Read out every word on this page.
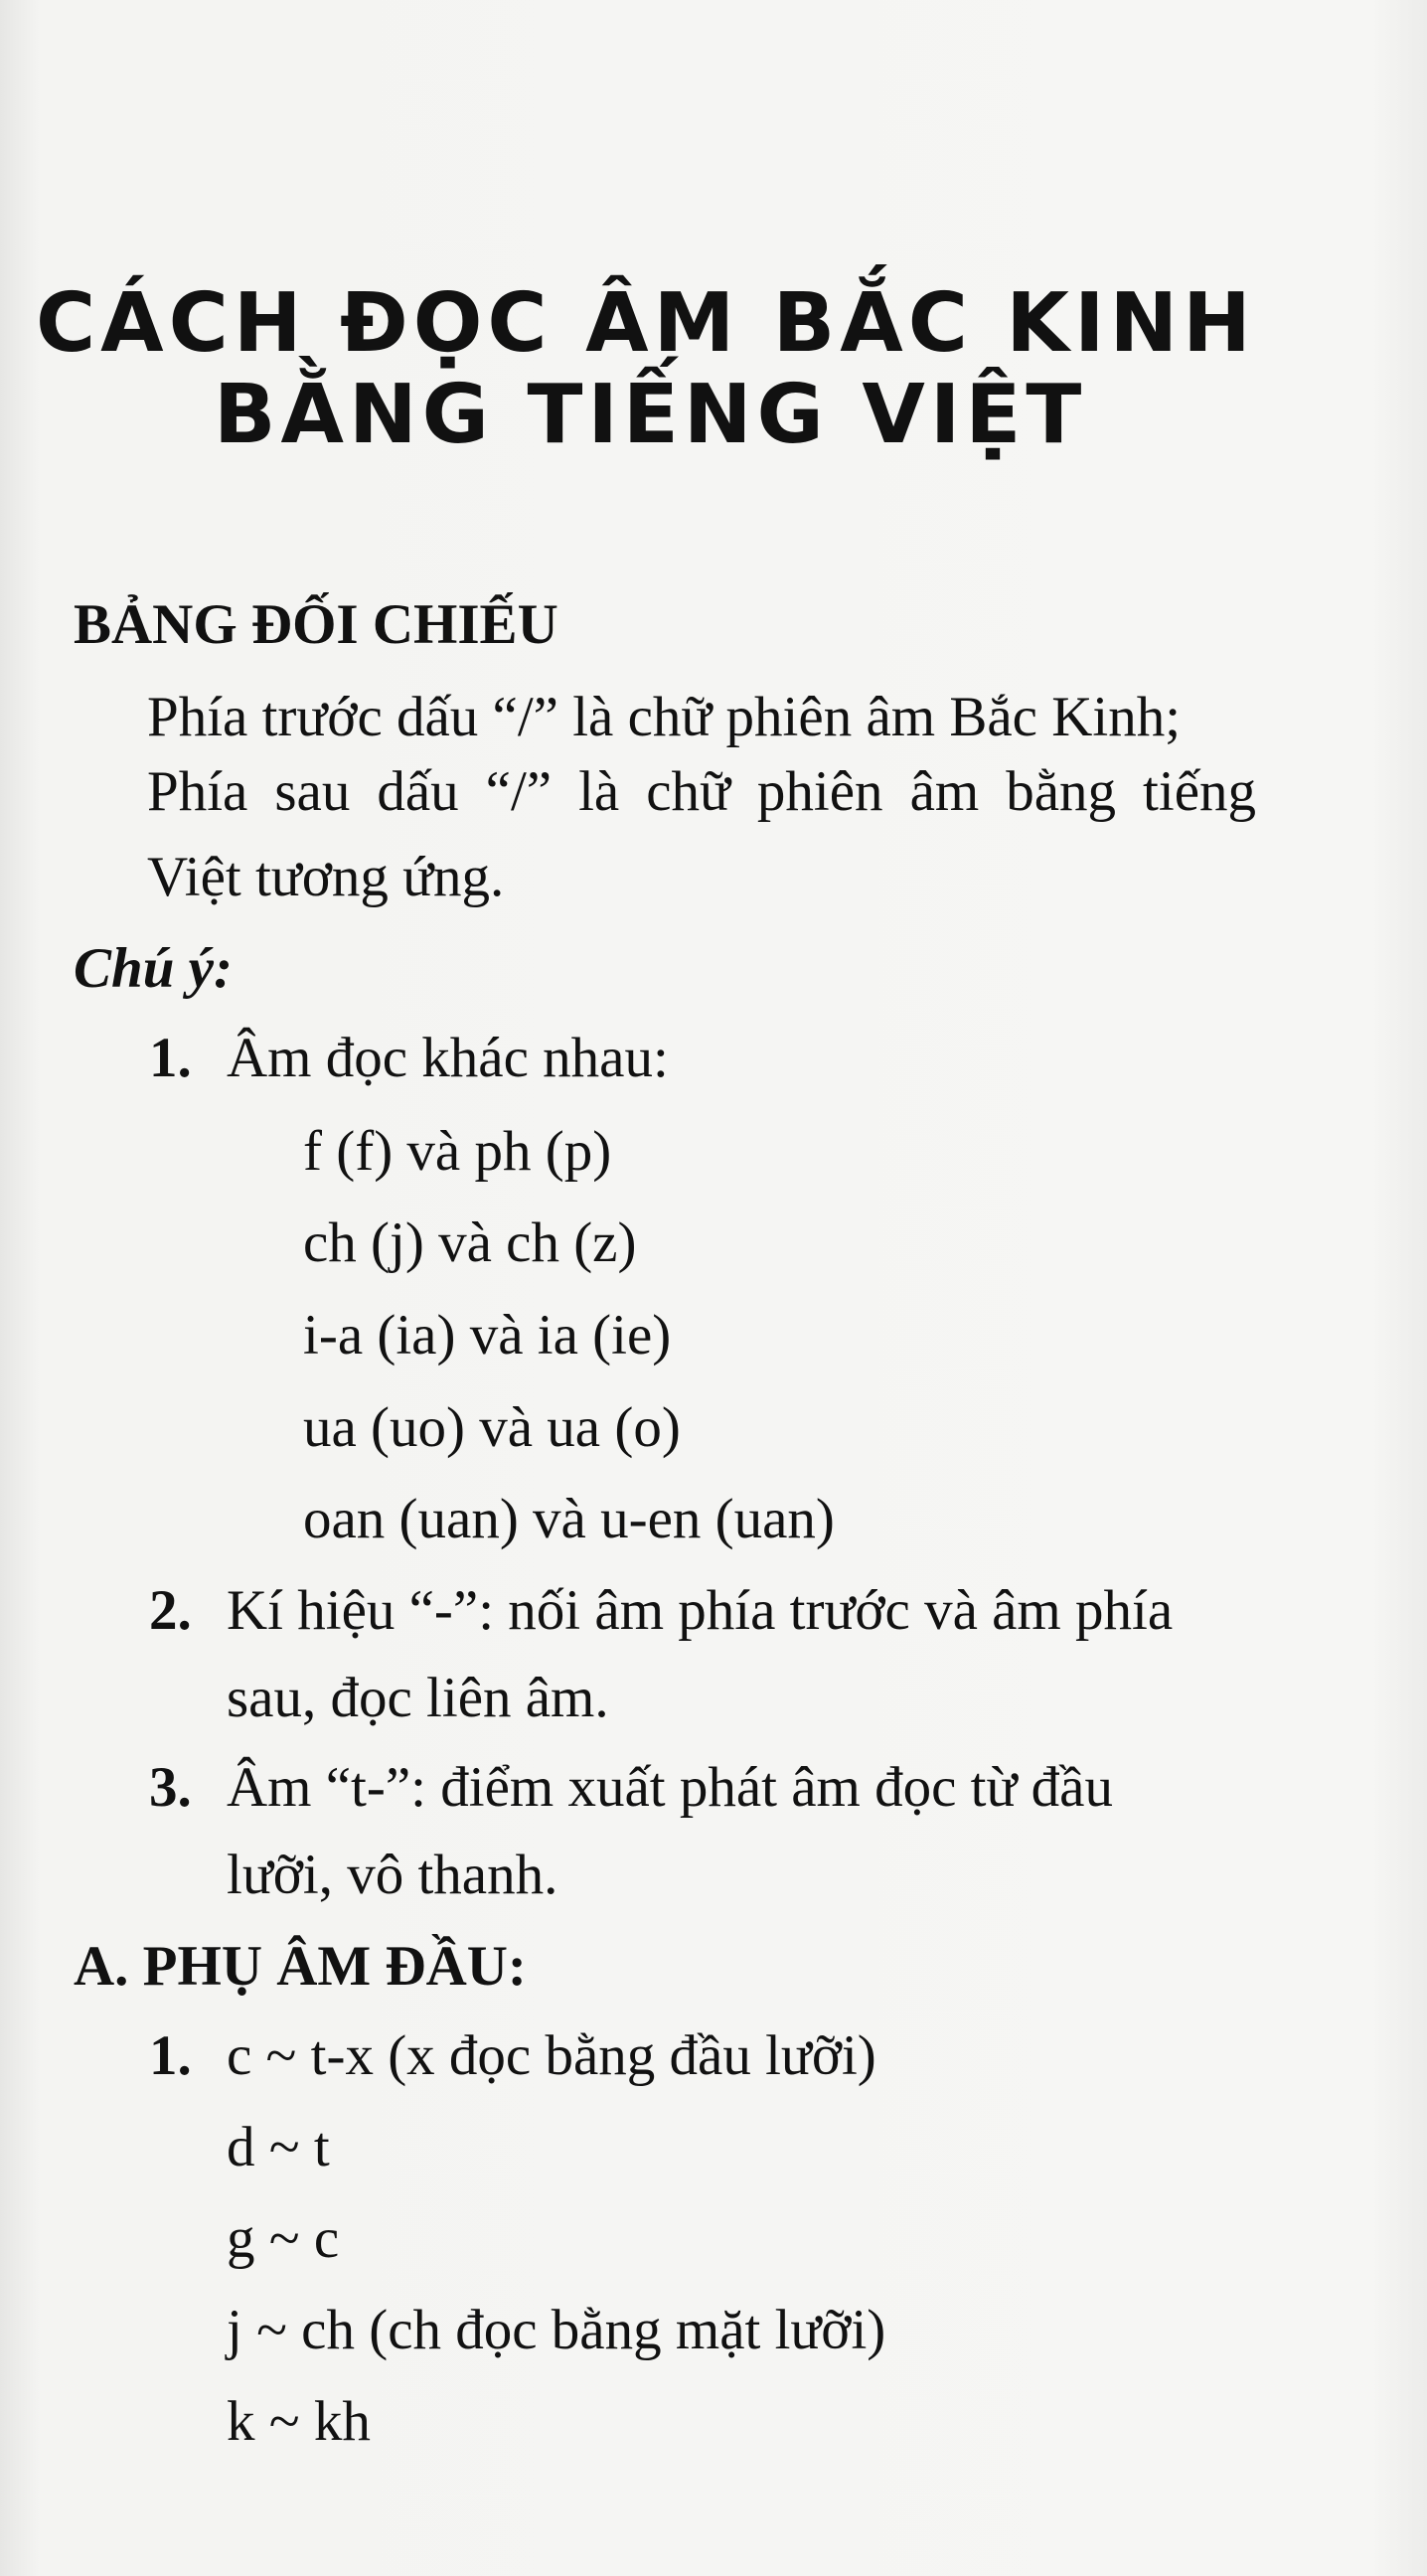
CÁCH ĐỌC ÂM BẮC KINH
BẰNG TIẾNG VIỆT
BẢNG ĐỐI CHIẾU
Phía trước dấu “/” là chữ phiên âm Bắc Kinh;
Phía sau dấu “/” là chữ phiên âm bằng tiếng
Việt tương ứng.
Chú ý:
1. Âm đọc khác nhau:
f (f) và ph (p)
ch (j) và ch (z)
i-a (ia) và ia (ie)
ua (uo) và ua (o)
oan (uan) và u-en (uan)
2. Kí hiệu “-”: nối âm phía trước và âm phía
sau, đọc liên âm.
3. Âm “t-”: điểm xuất phát âm đọc từ đầu
lưỡi, vô thanh.
A. PHỤ ÂM ĐẦU:
1. c ~ t-x (x đọc bằng đầu lưỡi)
d ~ t
g ~ c
j ~ ch (ch đọc bằng mặt lưỡi)
k ~ kh
